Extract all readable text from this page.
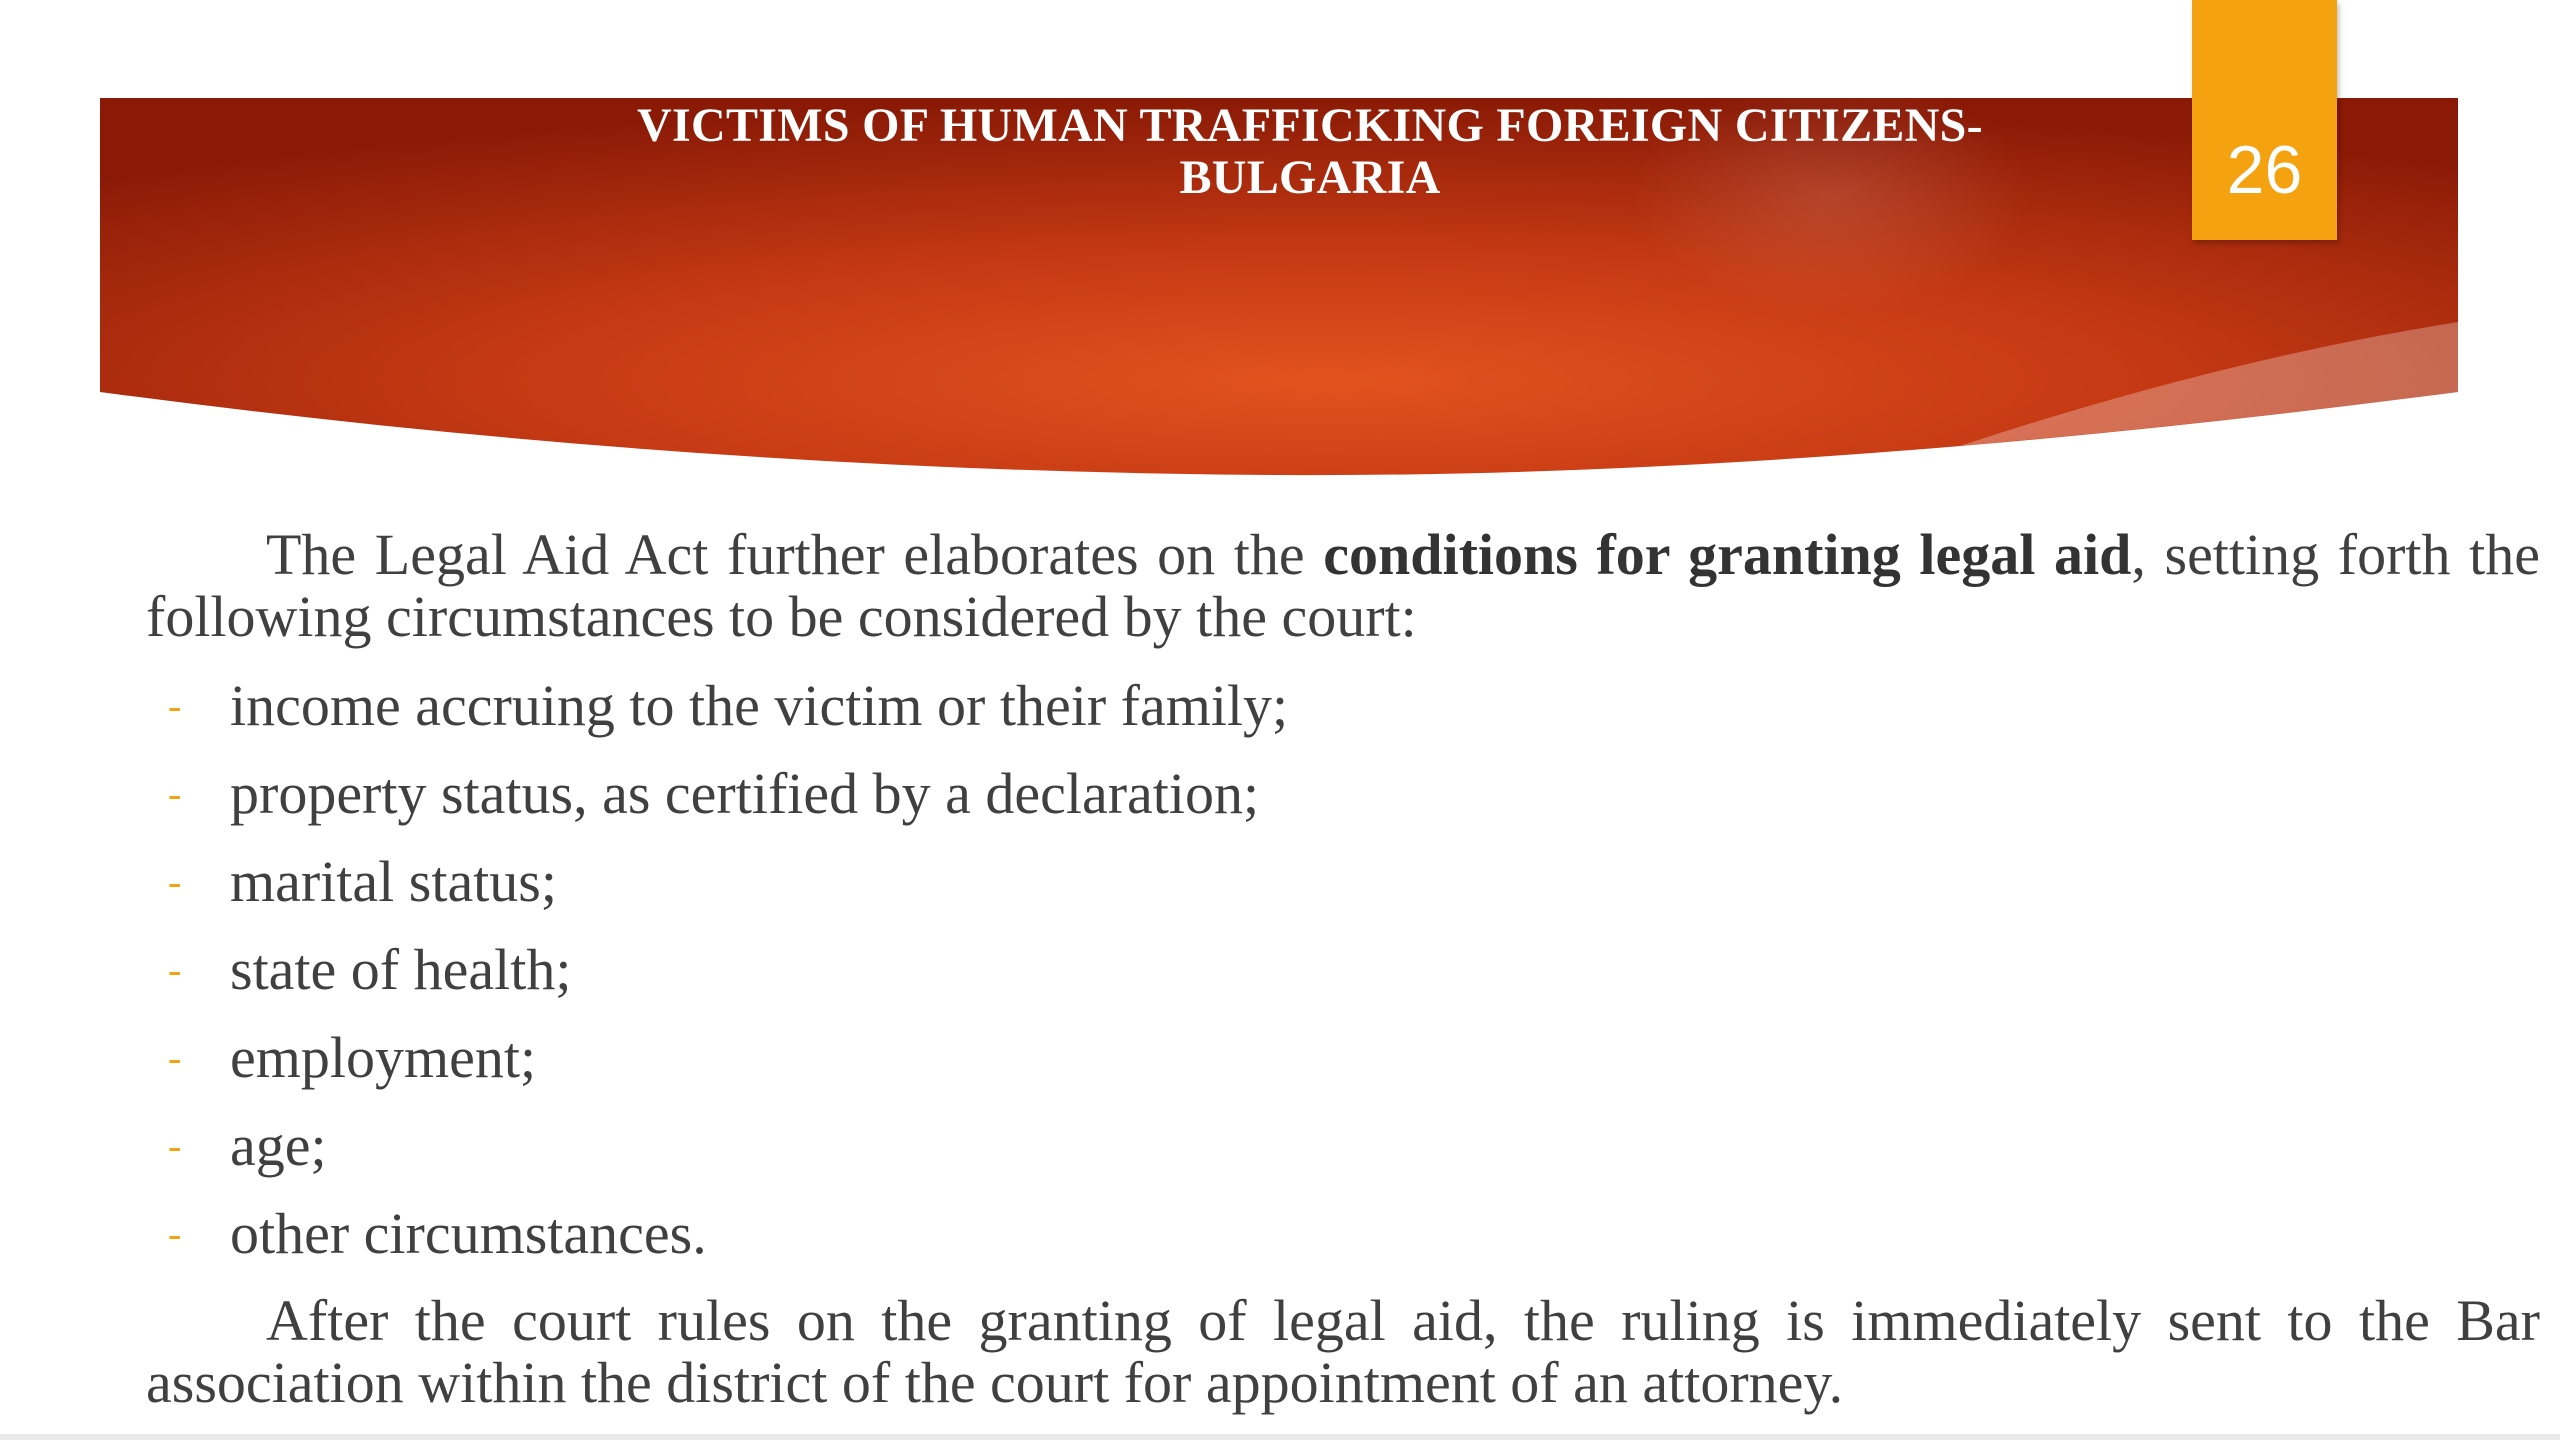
VICTIMS OF HUMAN TRAFFICKING FOREIGN CITIZENS-
BULGARIA	26

The Legal Aid Act further elaborates on the conditions for granting legal aid, setting forth the following circumstances to be considered by the court:

- income accruing to the victim or their family;
- property status, as certified by a declaration;
- marital status;
- state of health;
- employment;
- age;
- other circumstances.

After the court rules on the granting of legal aid, the ruling is immediately sent to the Bar association within the district of the court for appointment of an attorney.
